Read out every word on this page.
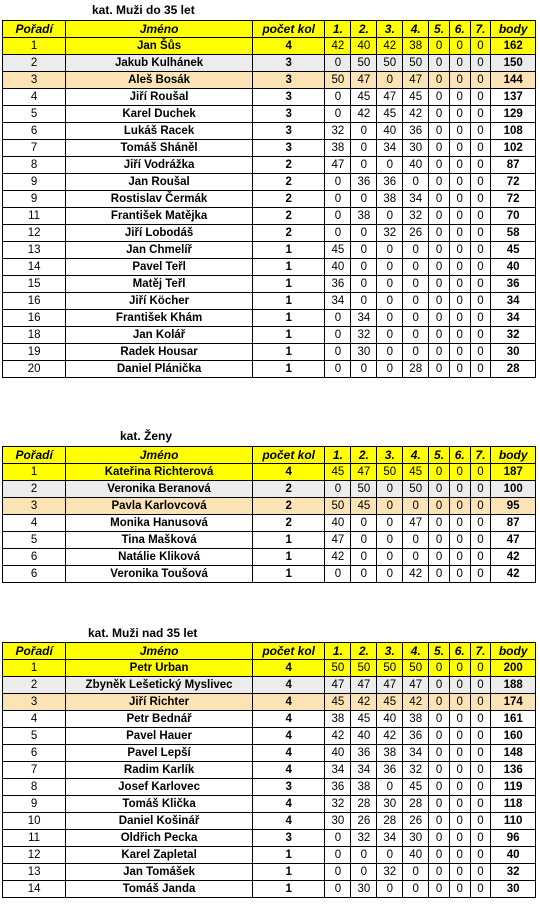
kat. Muži do 35 let
Pořadí	Jméno	počet kol	1.	2.	3.	4.	5.	6.	7.	body
1	Jan Šůs	4	42	40	42	38	0	0	0	162
2	Jakub Kulhánek	3	0	50	50	50	0	0	0	150
3	Aleš Bosák	3	50	47	0	47	0	0	0	144
4	Jiří Roušal	3	0	45	47	45	0	0	0	137
5	Karel Duchek	3	0	42	45	42	0	0	0	129
6	Lukáš Racek	3	32	0	40	36	0	0	0	108
7	Tomáš Sháněl	3	38	0	34	30	0	0	0	102
8	Jiří Vodrážka	2	47	0	0	40	0	0	0	87
9	Jan Roušal	2	0	36	36	0	0	0	0	72
9	Rostislav Čermák	2	0	0	38	34	0	0	0	72
11	František Matějka	2	0	38	0	32	0	0	0	70
12	Jiří Lobodáš	2	0	0	32	26	0	0	0	58
13	Jan Chmelíř	1	45	0	0	0	0	0	0	45
14	Pavel Teřl	1	40	0	0	0	0	0	0	40
15	Matěj Teřl	1	36	0	0	0	0	0	0	36
16	Jiří Köcher	1	34	0	0	0	0	0	0	34
16	František Khám	1	0	34	0	0	0	0	0	34
18	Jan Kolář	1	0	32	0	0	0	0	0	32
19	Radek Housar	1	0	30	0	0	0	0	0	30
20	Daniel Plánička	1	0	0	0	28	0	0	0	28
kat. Ženy
Pořadí	Jméno	počet kol	1.	2.	3.	4.	5.	6.	7.	body
1	Kateřina Richterová	4	45	47	50	45	0	0	0	187
2	Veronika Beranová	2	0	50	0	50	0	0	0	100
3	Pavla Karlovcová	2	50	45	0	0	0	0	0	95
4	Monika Hanusová	2	40	0	0	47	0	0	0	87
5	Tina Mašková	1	47	0	0	0	0	0	0	47
6	Natálie Kliková	1	42	0	0	0	0	0	0	42
6	Veronika Toušová	1	0	0	0	42	0	0	0	42
kat. Muži nad 35 let
Pořadí	Jméno	počet kol	1.	2.	3.	4.	5.	6.	7.	body
1	Petr Urban	4	50	50	50	50	0	0	0	200
2	Zbyněk Lešetický Myslivec	4	47	47	47	47	0	0	0	188
3	Jiří Richter	4	45	42	45	42	0	0	0	174
4	Petr Bednář	4	38	45	40	38	0	0	0	161
5	Pavel Hauer	4	42	40	42	36	0	0	0	160
6	Pavel Lepší	4	40	36	38	34	0	0	0	148
7	Radim Karlík	4	34	34	36	32	0	0	0	136
8	Josef Karlovec	3	36	38	0	45	0	0	0	119
9	Tomáš Klička	4	32	28	30	28	0	0	0	118
10	Daniel Košinář	4	30	26	28	26	0	0	0	110
11	Oldřich Pecka	3	0	32	34	30	0	0	0	96
12	Karel Zapletal	1	0	0	0	40	0	0	0	40
13	Jan Tomášek	1	0	0	32	0	0	0	0	32
14	Tomáš Janda	1	0	30	0	0	0	0	0	30
